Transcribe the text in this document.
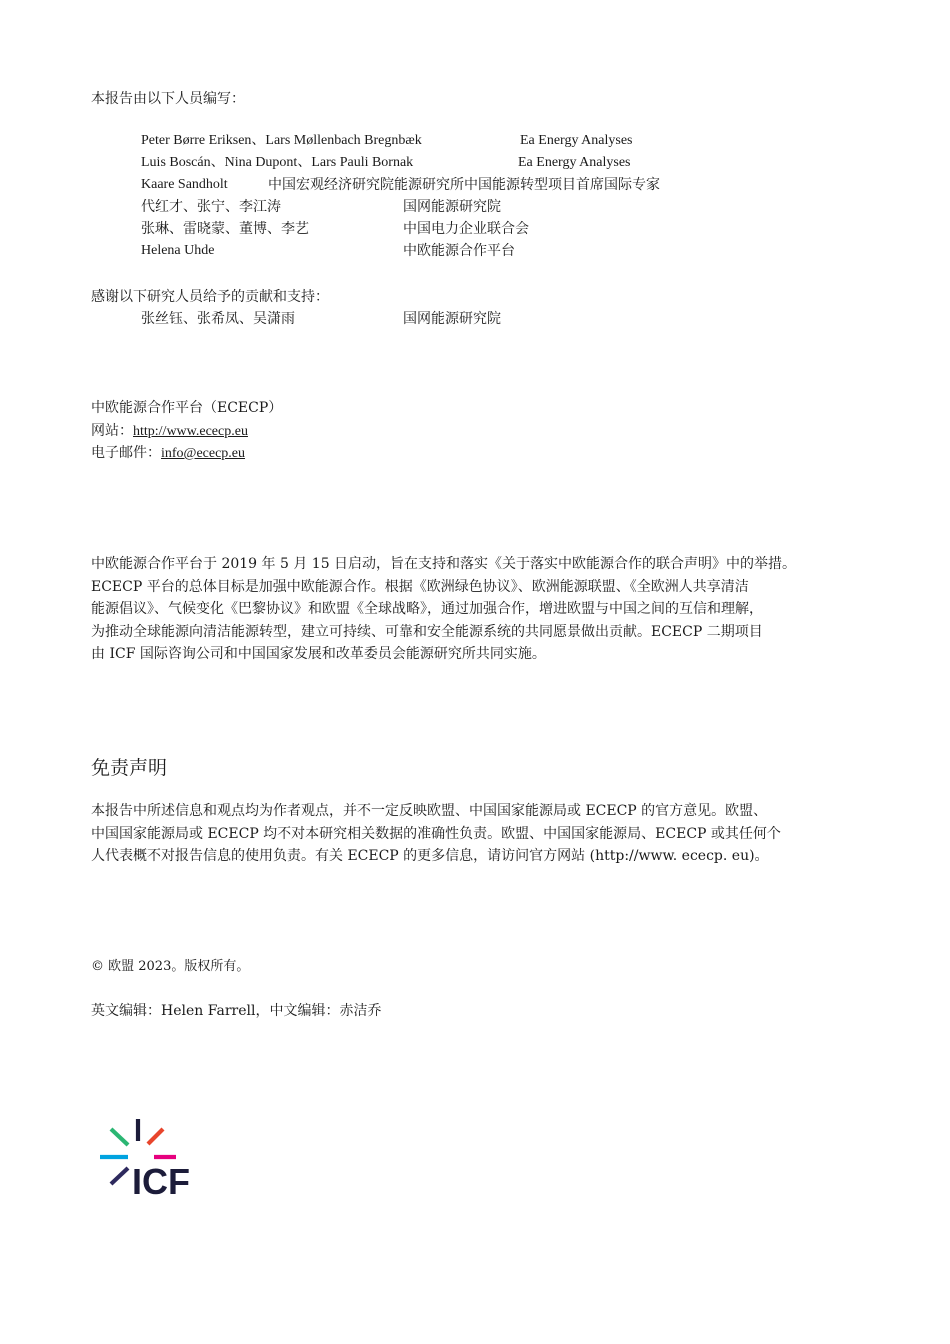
本报告由以下人员编写：
Peter Børre Eriksen、Lars Møllenbach Bregnbæk	Ea Energy Analyses
Luis Boscán、Nina Dupont、Lars Pauli Bornak	Ea Energy Analyses
Kaare Sandholt	中国宏观经济研究院能源研究所中国能源转型项目首席国际专家
代红才、张宁、李江涛	国网能源研究院
张琳、雷晓蒙、董博、李艺	中国电力企业联合会
Helena Uhde	中欧能源合作平台
感谢以下研究人员给予的贡献和支持：
张丝钰、张希凤、吴潇雨	国网能源研究院
中欧能源合作平台（ECECP）
网站：http://www.ececp.eu
电子邮件：info@ececp.eu
中欧能源合作平台于 2019 年 5 月 15 日启动，旨在支持和落实《关于落实中欧能源合作的联合声明》中的举措。
ECECP 平台的总体目标是加强中欧能源合作。根据《欧洲绿色协议》、欧洲能源联盟、《全欧洲人共享清洁
能源倡议》、气候变化《巴黎协议》和欧盟《全球战略》，通过加强合作，增进欧盟与中国之间的互信和理解，
为推动全球能源向清洁能源转型，建立可持续、可靠和安全能源系统的共同愿景做出贡献。ECECP 二期项目
由 ICF 国际咨询公司和中国国家发展和改革委员会能源研究所共同实施。
免责声明
本报告中所述信息和观点均为作者观点，并不一定反映欧盟、中国国家能源局或 ECECP 的官方意见。欧盟、
中国国家能源局或 ECECP 均不对本研究相关数据的准确性负责。欧盟、中国国家能源局、ECECP 或其任何个
人代表概不对报告信息的使用负责。有关 ECECP 的更多信息，请访问官方网站 (http://www. ececp. eu)。
© 欧盟 2023。版权所有。
英文编辑：Helen Farrell，中文编辑：赤洁乔
ICF
